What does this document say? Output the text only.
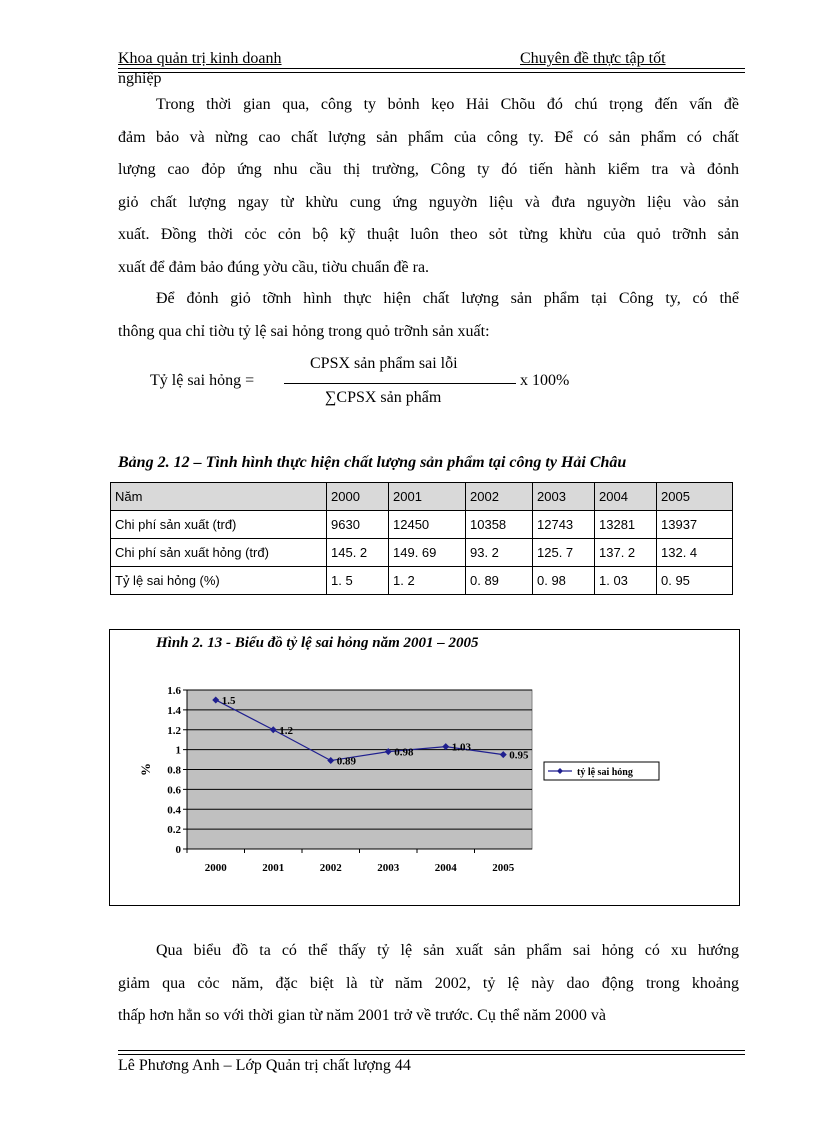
Khoa quản trị kinh doanh	Chuyên đề thực tập tốt
nghiệp
Trong thời gian qua, công ty bỏnh kẹo Hải Chõu đó chú trọng đến vấn đề
đảm bảo và nừng cao chất lượng sản phẩm của công ty. Để có sản phẩm có chất
lượng cao đỏp ứng nhu cầu thị trường, Công ty đó tiến hành kiểm tra và đỏnh
giỏ chất lượng ngay từ khừu cung ứng nguyờn liệu và đưa nguyờn liệu vào sản
xuất. Đồng thời cỏc cỏn bộ kỹ thuật luôn theo sỏt từng khừu của quỏ trỡnh sản
xuất để đảm bảo đúng yờu cầu, tiờu chuẩn đề ra.
Để đỏnh giỏ tỡnh hình thực hiện chất lượng sản phẩm tại Công ty, có thể
thông qua chỉ tiờu tỷ lệ sai hỏng trong quỏ trỡnh sản xuất:
Tỷ lệ sai hỏng =
CPSX sản phẩm sai lỗi
∑CPSX sản phẩm
x 100%
Bảng 2. 12 – Tình hình thực hiện chất lượng sản phẩm tại công ty Hải Châu
Năm	2000	2001	2002	2003	2004	2005
Chi phí sản xuất (trđ)	9630	12450	10358	12743	13281	13937
Chi phí sản xuất hỏng (trđ)	145. 2	149. 69	93. 2	125. 7	137. 2	132. 4
Tỷ lệ sai hỏng (%)	1. 5	1. 2	0. 89	0. 98	1. 03	0. 95
Hình 2. 13 - Biểu đồ tỷ lệ sai hỏng năm 2001 – 2005
0
0.2
0.4
0.6
0.8
1
1.2
1.4
1.6
2000	2001	2002	2003	2004	2005
%
1.5
1.2
0.89
0.98	1.03
0.95
tỷ lệ sai hỏng
Qua biểu đồ ta có thể thấy tỷ lệ sản xuất sản phẩm sai hỏng có xu hướng
giảm qua cỏc năm, đặc biệt là từ năm 2002, tỷ lệ này dao động trong khoảng
thấp hơn hẳn so với thời gian từ năm 2001 trở về trước. Cụ thể năm 2000 và
Lê Phương Anh – Lớp Quản trị chất lượng 44
